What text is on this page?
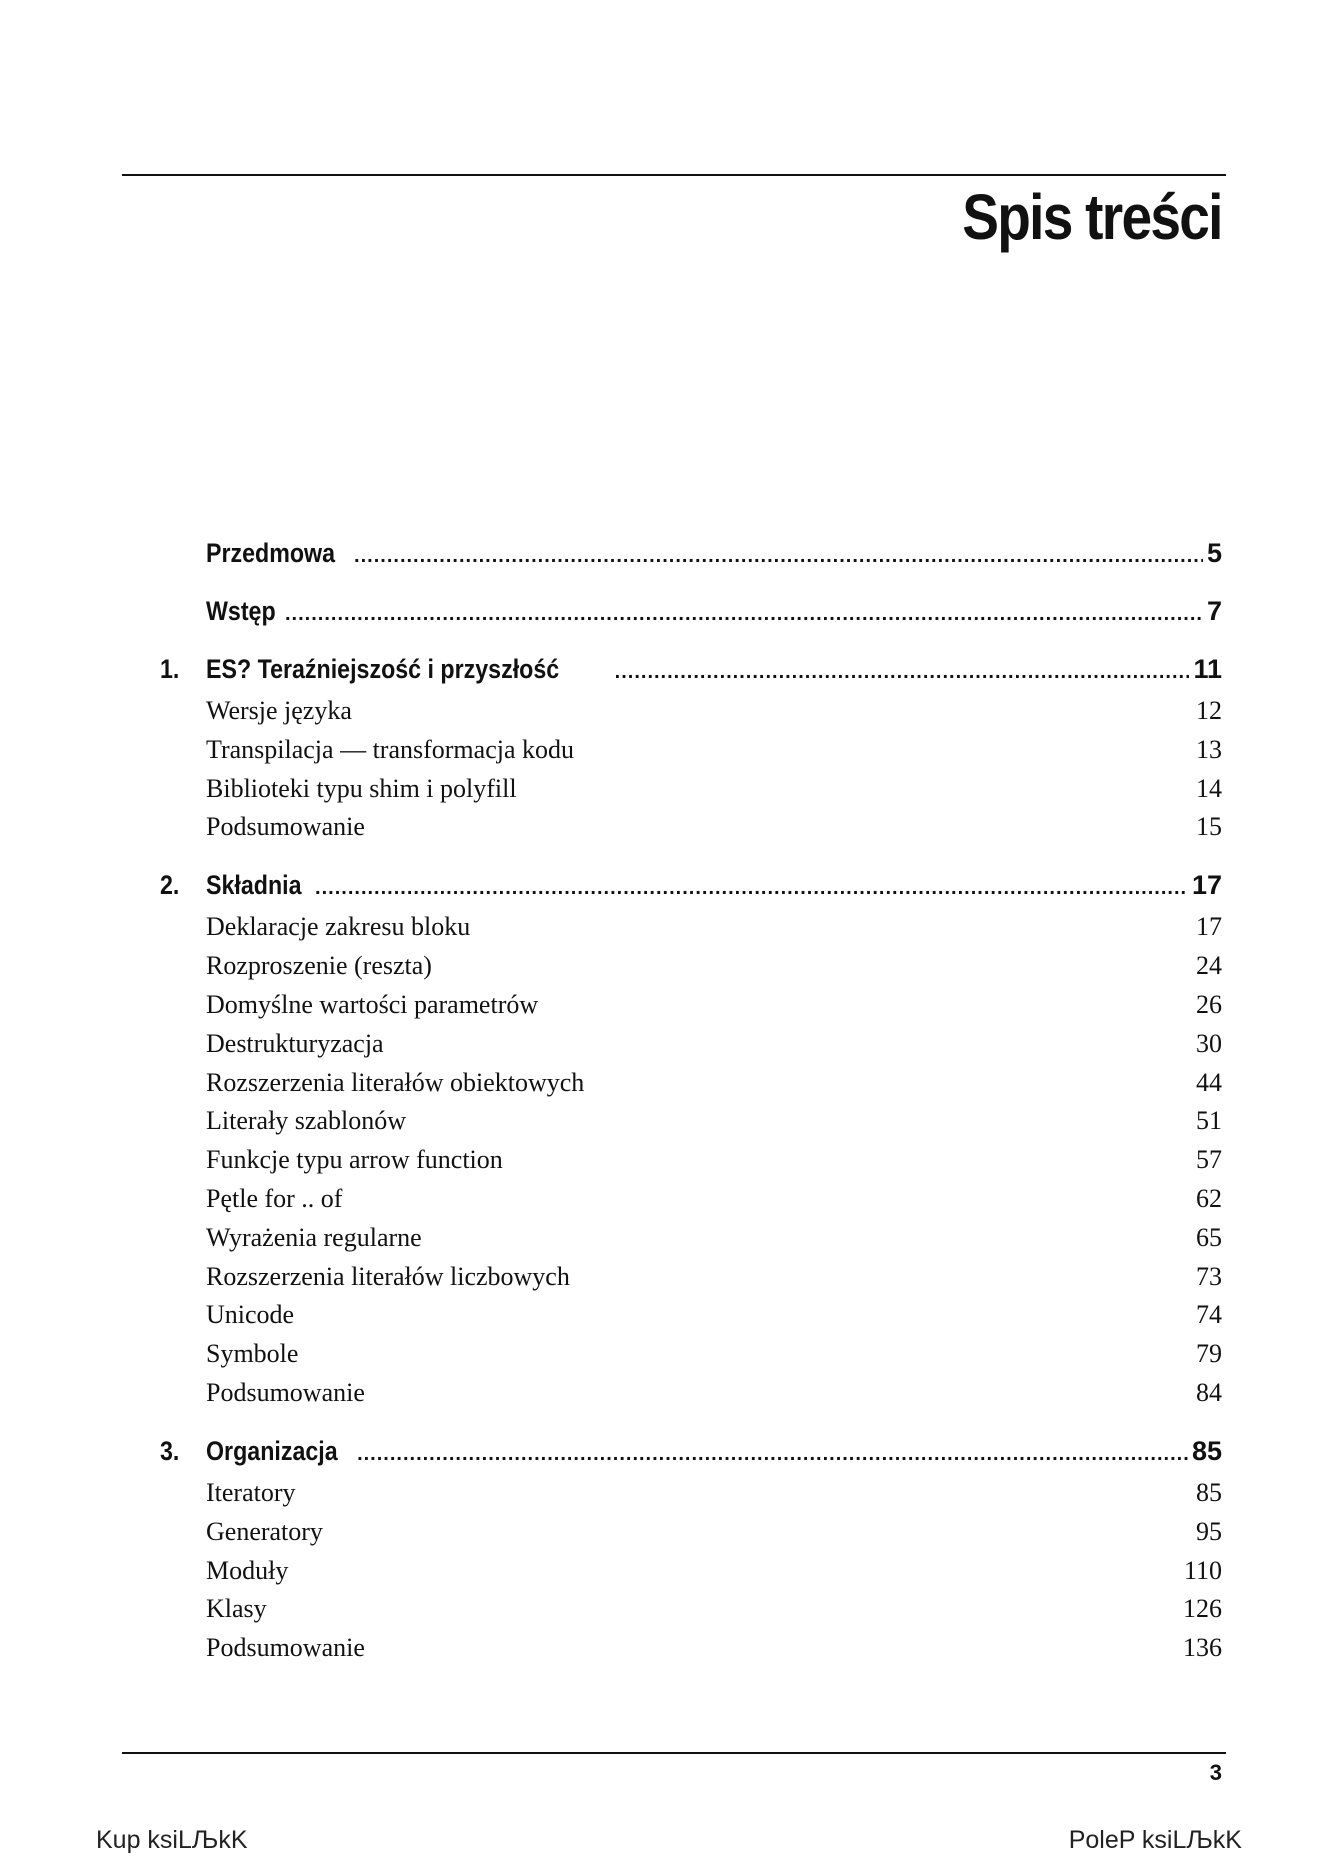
Spis treści
Przedmowa .....	5
Wstęp .....	7
1. ES? Teraźniejszość i przyszłość .....	11
Wersje języka	12
Transpilacja — transformacja kodu	13
Biblioteki typu shim i polyfill	14
Podsumowanie	15
2. Składnia .....	17
Deklaracje zakresu bloku	17
Rozproszenie (reszta)	24
Domyślne wartości parametrów	26
Destrukturyzacja	30
Rozszerzenia literałów obiektowych	44
Literały szablonów	51
Funkcje typu arrow function	57
Pętle for .. of	62
Wyrażenia regularne	65
Rozszerzenia literałów liczbowych	73
Unicode	74
Symbole	79
Podsumowanie	84
3. Organizacja .....	85
Iteratory	85
Generatory	95
Moduły	110
Klasy	126
Podsumowanie	136
3
Kup ksiLЉkK	PoleP ksiLЉkK
